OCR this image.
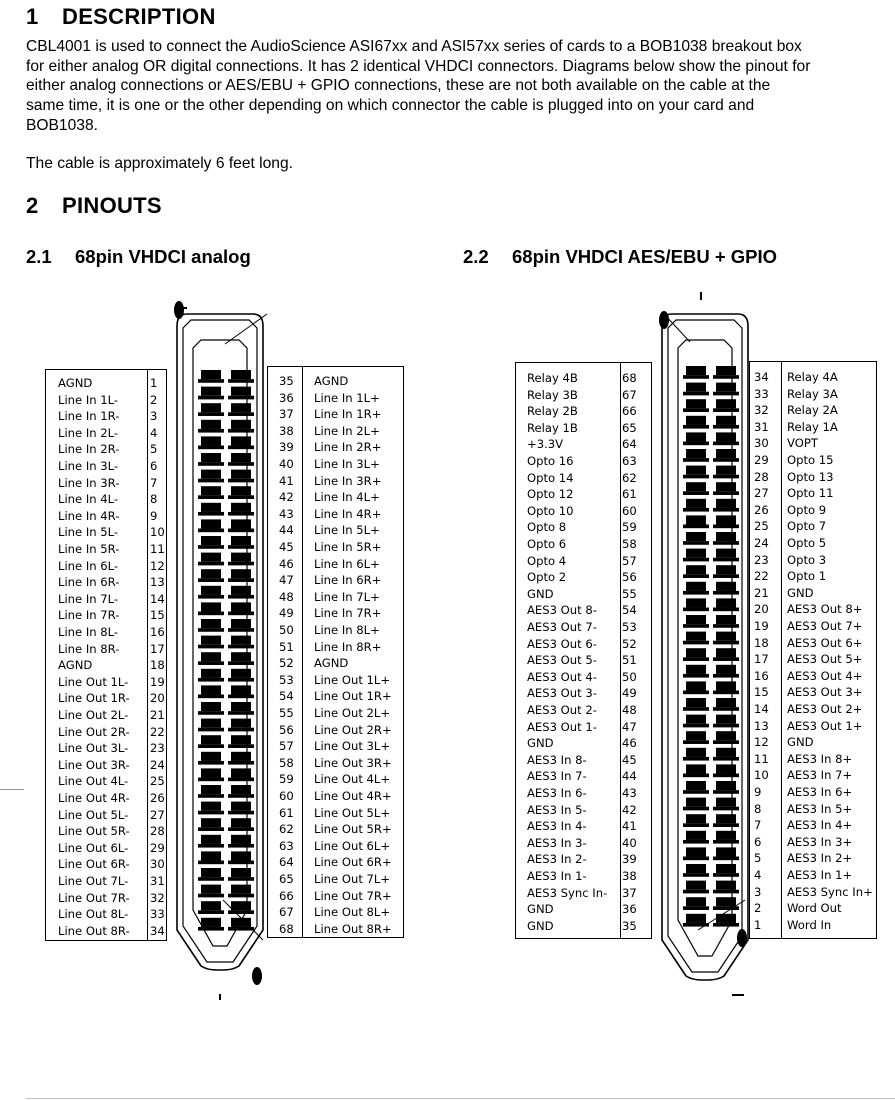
1 DESCRIPTION
CBL4001 is used to connect the AudioScience ASI67xx and ASI57xx series of cards to a BOB1038 breakout box
for either analog OR digital connections. It has 2 identical VHDCI connectors. Diagrams below show the pinout for
either analog connections or AES/EBU + GPIO connections, these are not both available on the cable at the
same time, it is one or the other depending on which connector the cable is plugged into on your card and
BOB1038.
The cable is approximately 6 feet long.
2 PINOUTS
2.1 68pin VHDCI analog	2.2 68pin VHDCI AES/EBU + GPIO
AGND	1
Line In 1L-	2
Line In 1R-	3
Line In 2L-	4
Line In 2R-	5
Line In 3L-	6
Line In 3R-	7
Line In 4L-	8
Line In 4R-	9
Line In 5L-	10
Line In 5R-	11
Line In 6L-	12
Line In 6R-	13
Line In 7L-	14
Line In 7R-	15
Line In 8L-	16
Line In 8R-	17
AGND	18
Line Out 1L- 19
Line Out 1R- 20
Line Out 2L- 21
Line Out 2R- 22
Line Out 3L- 23
Line Out 3R- 24
Line Out 4L- 25
Line Out 4R- 26
Line Out 5L- 27
Line Out 5R- 28
Line Out 6L- 29
Line Out 6R- 30
Line Out 7L- 31
Line Out 7R- 32
Line Out 8L- 33
Line Out 8R- 34
35 AGND
36 Line In 1L+
37 Line In 1R+
38 Line In 2L+
39 Line In 2R+
40 Line In 3L+
41 Line In 3R+
42 Line In 4L+
43 Line In 4R+
44 Line In 5L+
45 Line In 5R+
46 Line In 6L+
47 Line In 6R+
48 Line In 7L+
49 Line In 7R+
50 Line In 8L+
51 Line In 8R+
52 AGND
53 Line Out 1L+
54 Line Out 1R+
55 Line Out 2L+
56 Line Out 2R+
57 Line Out 3L+
58 Line Out 3R+
59 Line Out 4L+
60 Line Out 4R+
61 Line Out 5L+
62 Line Out 5R+
63 Line Out 6L+
64 Line Out 6R+
65 Line Out 7L+
66 Line Out 7R+
67 Line Out 8L+
68 Line Out 8R+
Relay 4B	68
Relay 3B	67
Relay 2B	66
Relay 1B	65
+3.3V	64
Opto 16	63
Opto 14	62
Opto 12	61
Opto 10	60
Opto 8	59
Opto 6	58
Opto 4	57
Opto 2	56
GND	55
AES3 Out 8- 54
AES3 Out 7- 53
AES3 Out 6- 52
AES3 Out 5- 51
AES3 Out 4- 50
AES3 Out 3- 49
AES3 Out 2- 48
AES3 Out 1- 47
GND	46
AES3 In 8-	45
AES3 In 7-	44
AES3 In 6-	43
AES3 In 5-	42
AES3 In 4-	41
AES3 In 3-	40
AES3 In 2-	39
AES3 In 1-	38
AES3 Sync In- 37
GND	36
GND	35
34 Relay 4A
33 Relay 3A
32 Relay 2A
31 Relay 1A
30 VOPT
29 Opto 15
28 Opto 13
27 Opto 11
26 Opto 9
25 Opto 7
24 Opto 5
23 Opto 3
22 Opto 1
21 GND
20 AES3 Out 8+
19 AES3 Out 7+
18 AES3 Out 6+
17 AES3 Out 5+
16 AES3 Out 4+
15 AES3 Out 3+
14 AES3 Out 2+
13 AES3 Out 1+
12 GND
11 AES3 In 8+
10 AES3 In 7+
9 AES3 In 6+
8 AES3 In 5+
7 AES3 In 4+
6 AES3 In 3+
5 AES3 In 2+
4 AES3 In 1+
3 AES3 Sync In+
2 Word Out
1 Word In
